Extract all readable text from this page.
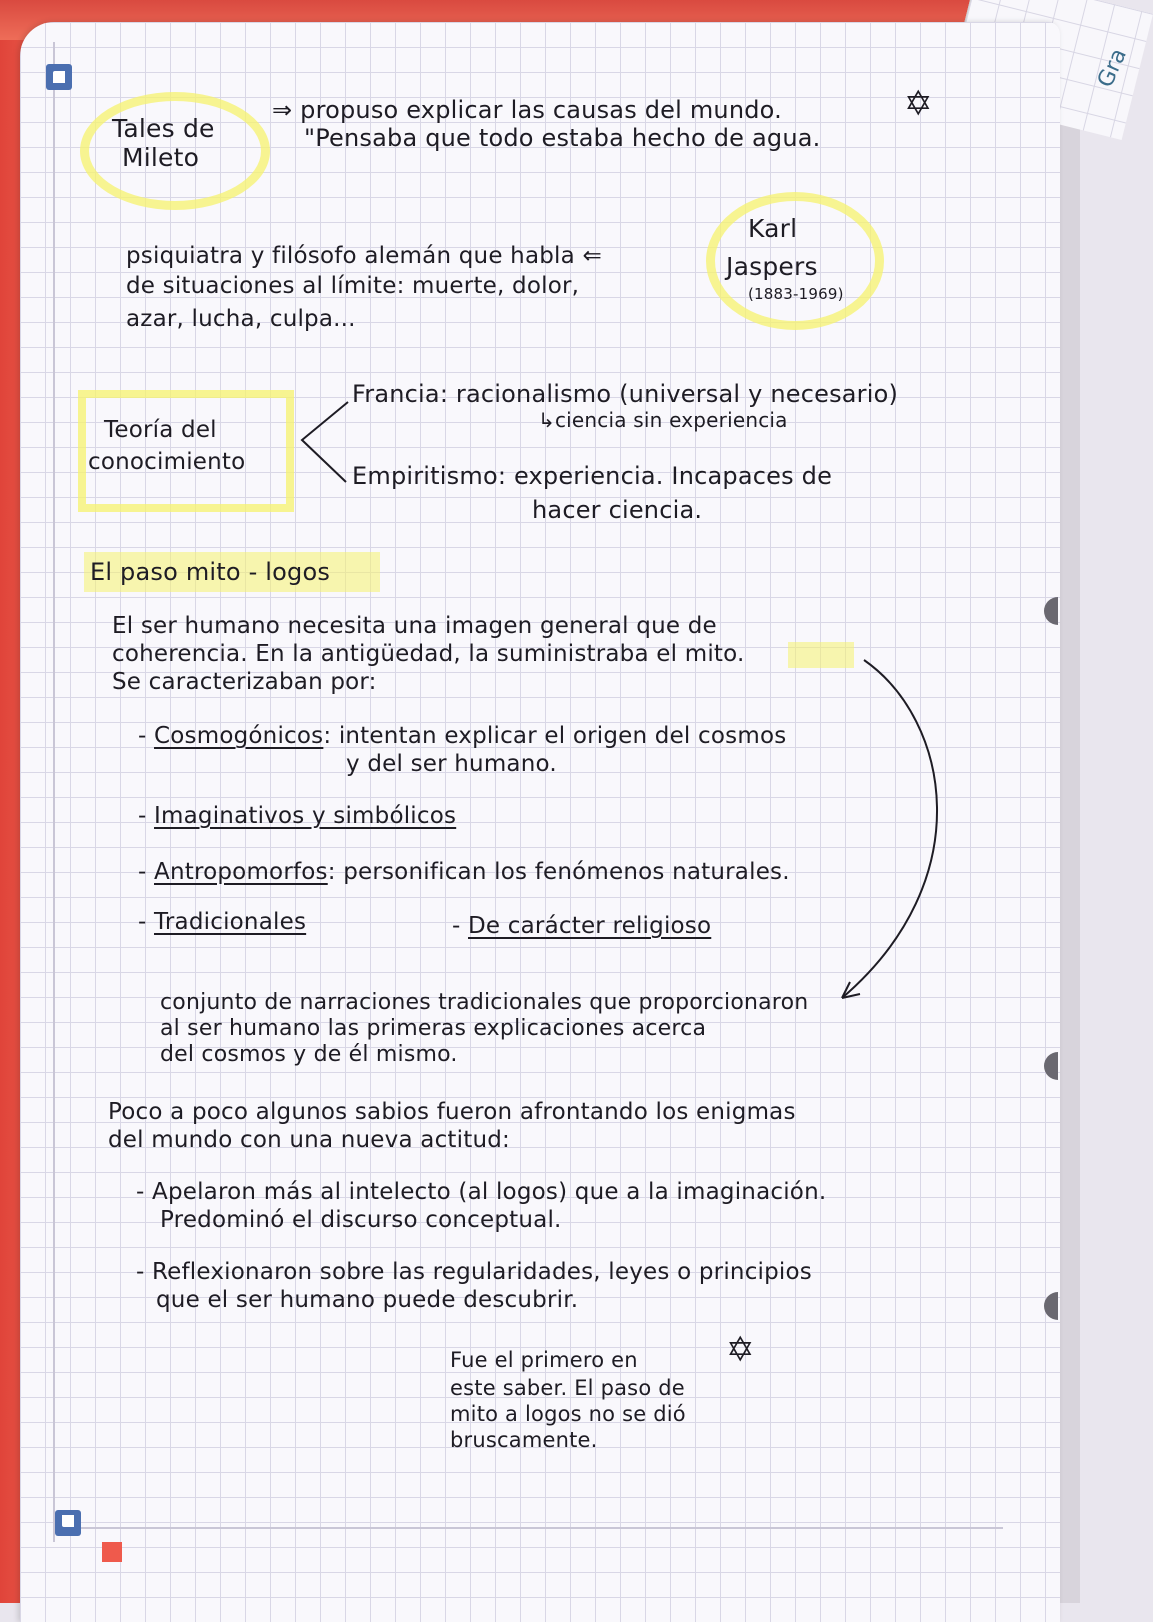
Gra
Tales de
Mileto
⇒ propuso explicar las causas del mundo.
"Pensaba que todo estaba hecho de agua.
✡
Karl
Jaspers
(1883-1969)
psiquiatra y filósofo alemán que habla ⇐
de situaciones al límite: muerte, dolor,
azar, lucha, culpa...
Teoría del
conocimiento
Francia: racionalismo (universal y necesario)
↳ciencia sin experiencia
Empiritismo: experiencia. Incapaces de
hacer ciencia.
El paso mito - logos
El ser humano necesita una imagen general que de
coherencia. En la antigüedad, la suministraba el mito.
Se caracterizaban por:
- Cosmogónicos: intentan explicar el origen del cosmos
y del ser humano.
- Imaginativos y simbólicos
- Antropomorfos: personifican los fenómenos naturales.
- Tradicionales	- De carácter religioso
conjunto de narraciones tradicionales que proporcionaron
al ser humano las primeras explicaciones acerca
del cosmos y de él mismo.
Poco a poco algunos sabios fueron afrontando los enigmas
del mundo con una nueva actitud:
- Apelaron más al intelecto (al logos) que a la imaginación.
Predominó el discurso conceptual.
- Reflexionaron sobre las regularidades, leyes o principios
que el ser humano puede descubrir.
Fue el primero en
este saber. El paso de
mito a logos no se dió
bruscamente.
✡
